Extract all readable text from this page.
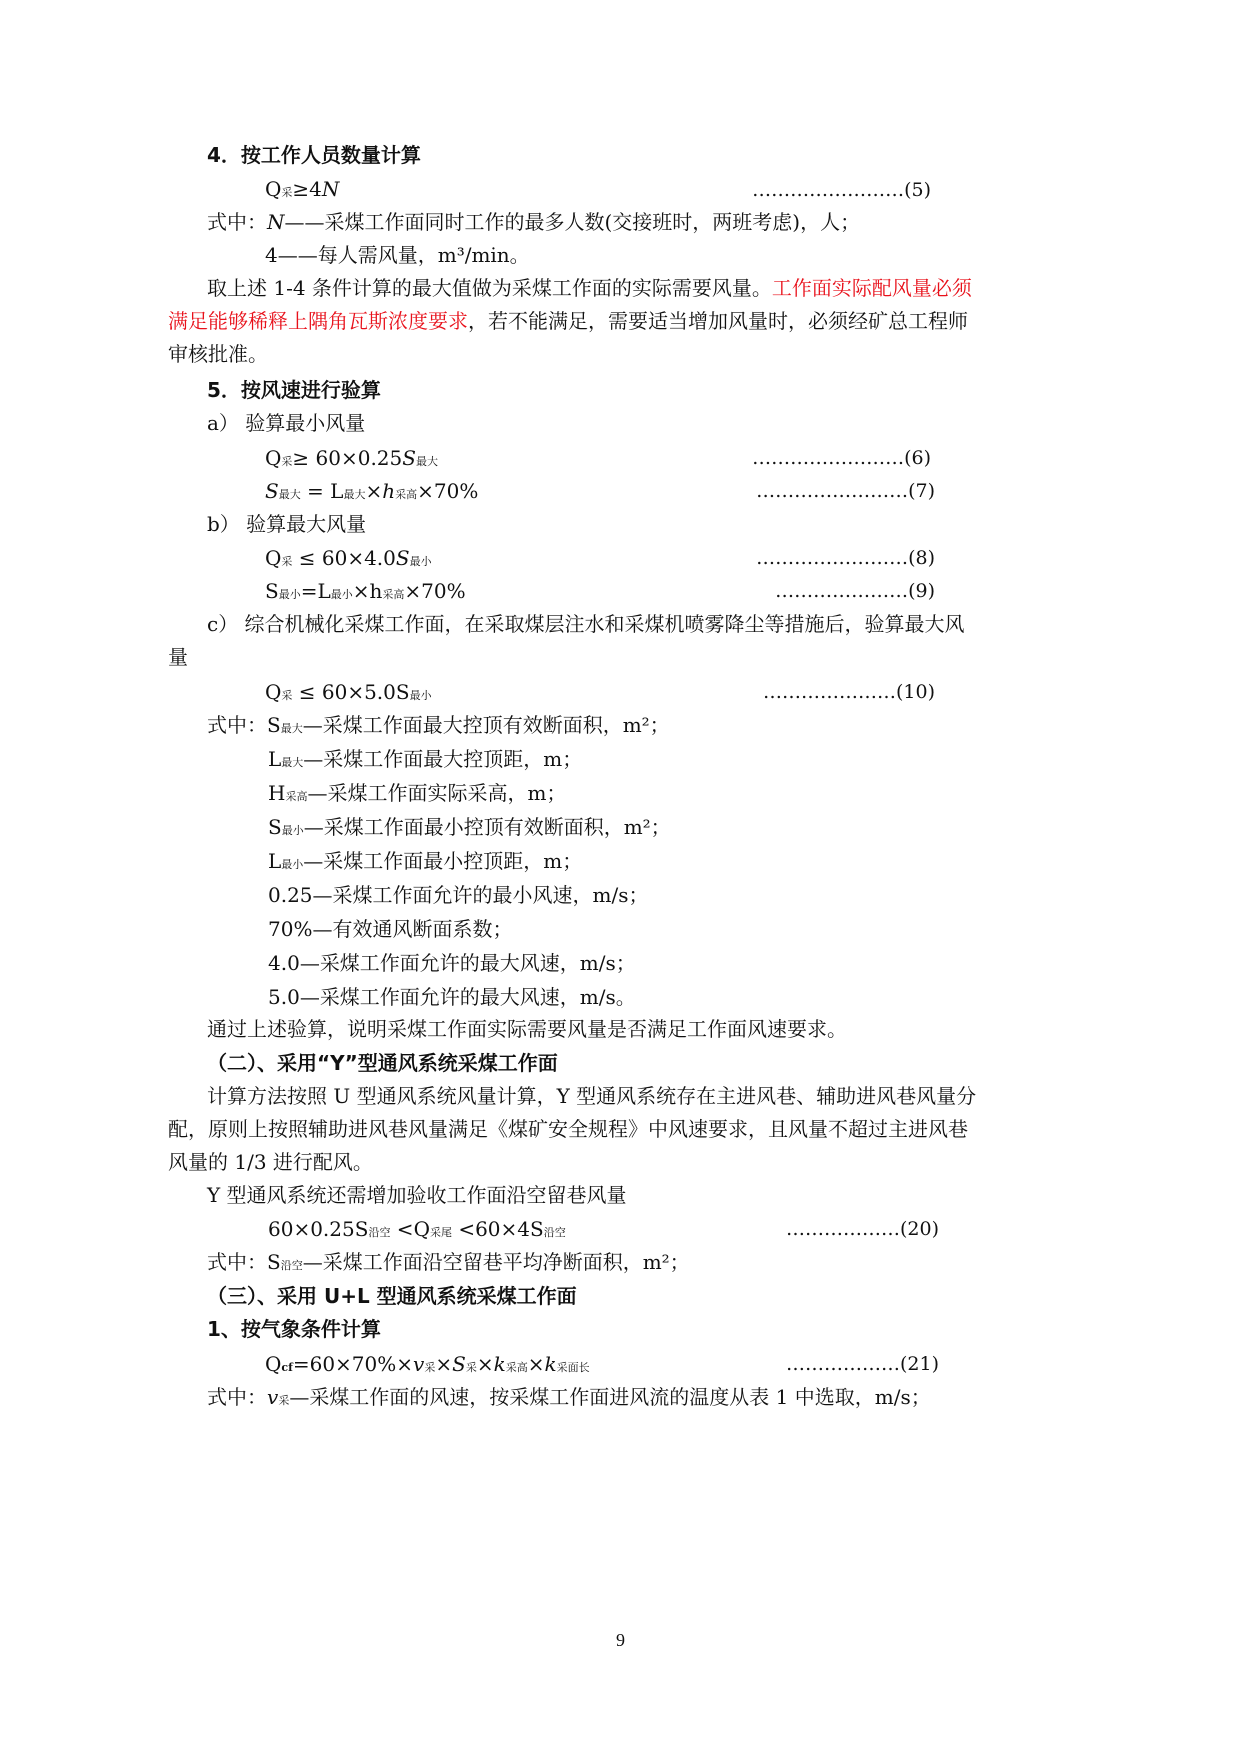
4．按工作人员数量计算
Q采≥4N	……………………(5)
式中：N——采煤工作面同时工作的最多人数(交接班时，两班考虑)，人；
4——每人需风量，m³/min。
取上述 1-4 条件计算的最大值做为采煤工作面的实际需要风量。工作面实际配风量必须
满足能够稀释上隅角瓦斯浓度要求，若不能满足，需要适当增加风量时，必须经矿总工程师
审核批准。
5．按风速进行验算
a） 验算最小风量
Q采≥ 60×0.25S最大	……………………(6)
S最大 = L最大×h采高×70%	……………………(7)
b） 验算最大风量
Q采 ≤ 60×4.0S最小	……………………(8)
S最小=L最小×h采高×70%	…………………(9)
c） 综合机械化采煤工作面，在采取煤层注水和采煤机喷雾降尘等措施后，验算最大风
量
Q采 ≤ 60×5.0S最小	…………………(10)
式中：S最大—采煤工作面最大控顶有效断面积，m²；
L最大—采煤工作面最大控顶距，m；
H采高—采煤工作面实际采高，m；
S最小—采煤工作面最小控顶有效断面积，m²；
L最小—采煤工作面最小控顶距，m；
0.25—采煤工作面允许的最小风速，m/s；
70%—有效通风断面系数；
4.0—采煤工作面允许的最大风速，m/s；
5.0—采煤工作面允许的最大风速，m/s。
通过上述验算，说明采煤工作面实际需要风量是否满足工作面风速要求。
（二）、采用“Y”型通风系统采煤工作面
计算方法按照 U 型通风系统风量计算，Y 型通风系统存在主进风巷、辅助进风巷风量分
配，原则上按照辅助进风巷风量满足《煤矿安全规程》中风速要求，且风量不超过主进风巷
风量的 1/3 进行配风。
Y 型通风系统还需增加验收工作面沿空留巷风量
60×0.25S沿空 <Q采尾 <60×4S沿空	………………(20)
式中：S沿空—采煤工作面沿空留巷平均净断面积，m²；
（三）、采用 U+L 型通风系统采煤工作面
1、按气象条件计算
Qcf=60×70%×v采×S采×k采高×k采面长	………………(21)
式中：v采—采煤工作面的风速，按采煤工作面进风流的温度从表 1 中选取，m/s；
9
